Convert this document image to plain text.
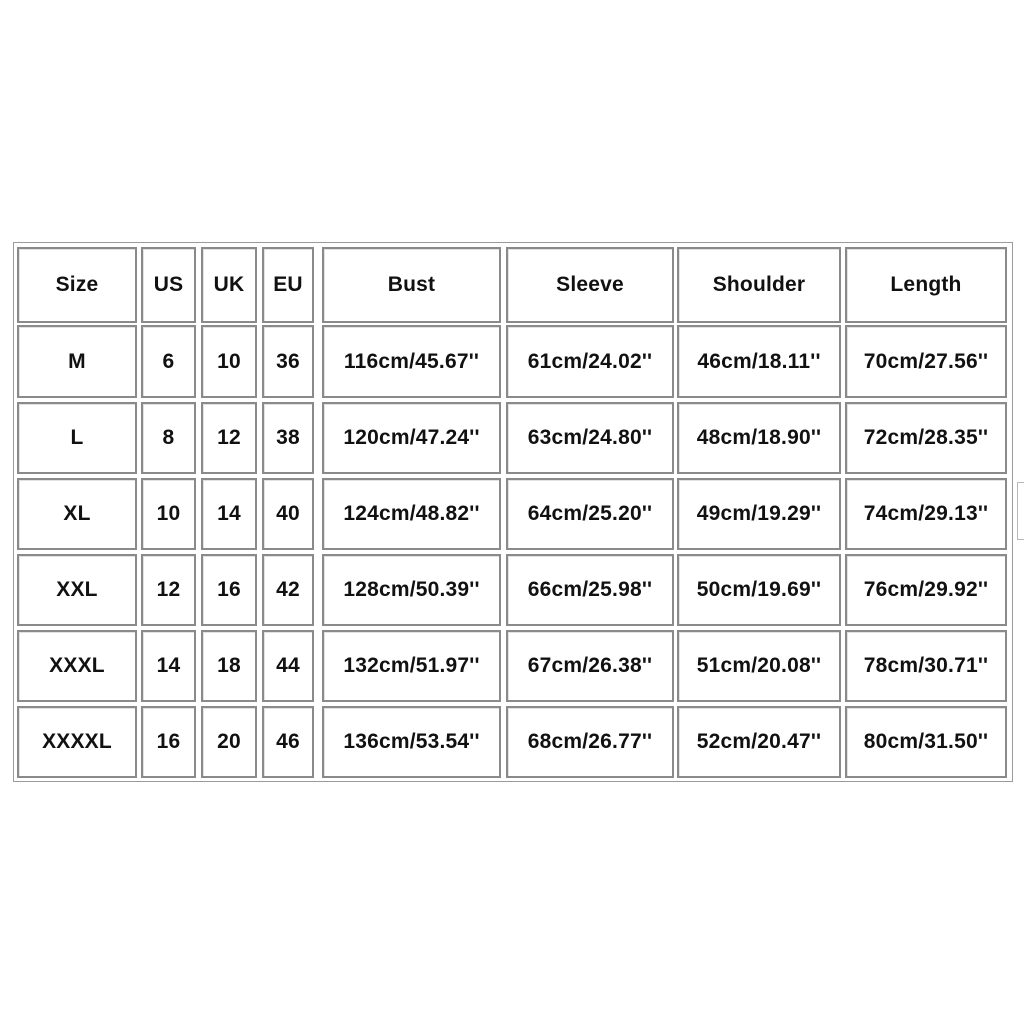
Size	US	UK	EU	Bust	Sleeve	Shoulder	Length
M	6	10	36	116cm/45.67''	61cm/24.02''	46cm/18.11''	70cm/27.56''
L	8	12	38	120cm/47.24''	63cm/24.80''	48cm/18.90''	72cm/28.35''
XL	10	14	40	124cm/48.82''	64cm/25.20''	49cm/19.29''	74cm/29.13''
XXL	12	16	42	128cm/50.39''	66cm/25.98''	50cm/19.69''	76cm/29.92''
XXXL	14	18	44	132cm/51.97''	67cm/26.38''	51cm/20.08''	78cm/30.71''
XXXXL	16	20	46	136cm/53.54''	68cm/26.77''	52cm/20.47''	80cm/31.50''
